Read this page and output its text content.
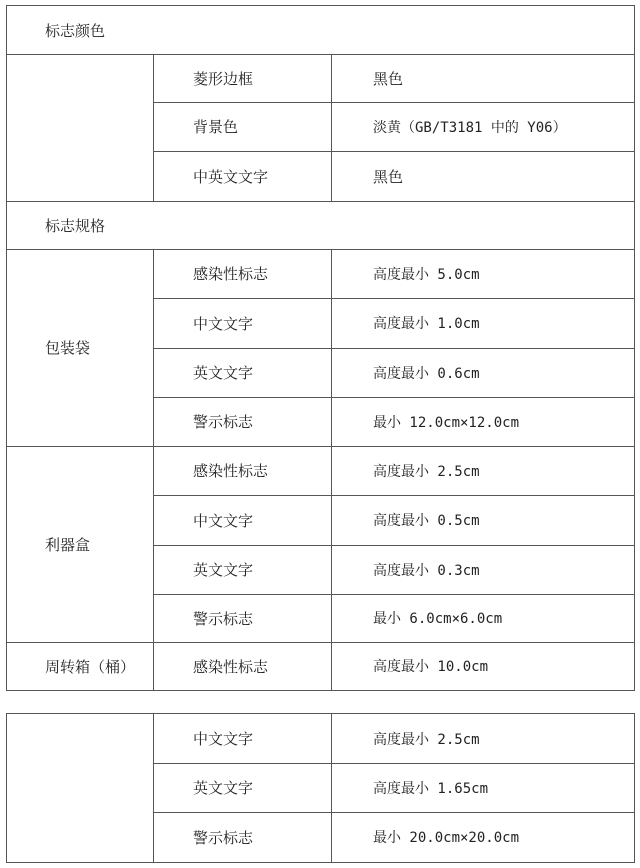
标志颜色
菱形边框	黑色
背景色	淡黄（GB/T3181 中的 Y06）
中英文文字	黑色
标志规格
包装袋
感染性标志	高度最小 5.0cm
中文文字	高度最小 1.0cm
英文文字	高度最小 0.6cm
警示标志	最小 12.0cm×12.0cm
利器盒
感染性标志	高度最小 2.5cm
中文文字	高度最小 0.5cm
英文文字	高度最小 0.3cm
警示标志	最小 6.0cm×6.0cm
周转箱（桶）	感染性标志	高度最小 10.0cm
中文文字	高度最小 2.5cm
英文文字	高度最小 1.65cm
警示标志	最小 20.0cm×20.0cm
